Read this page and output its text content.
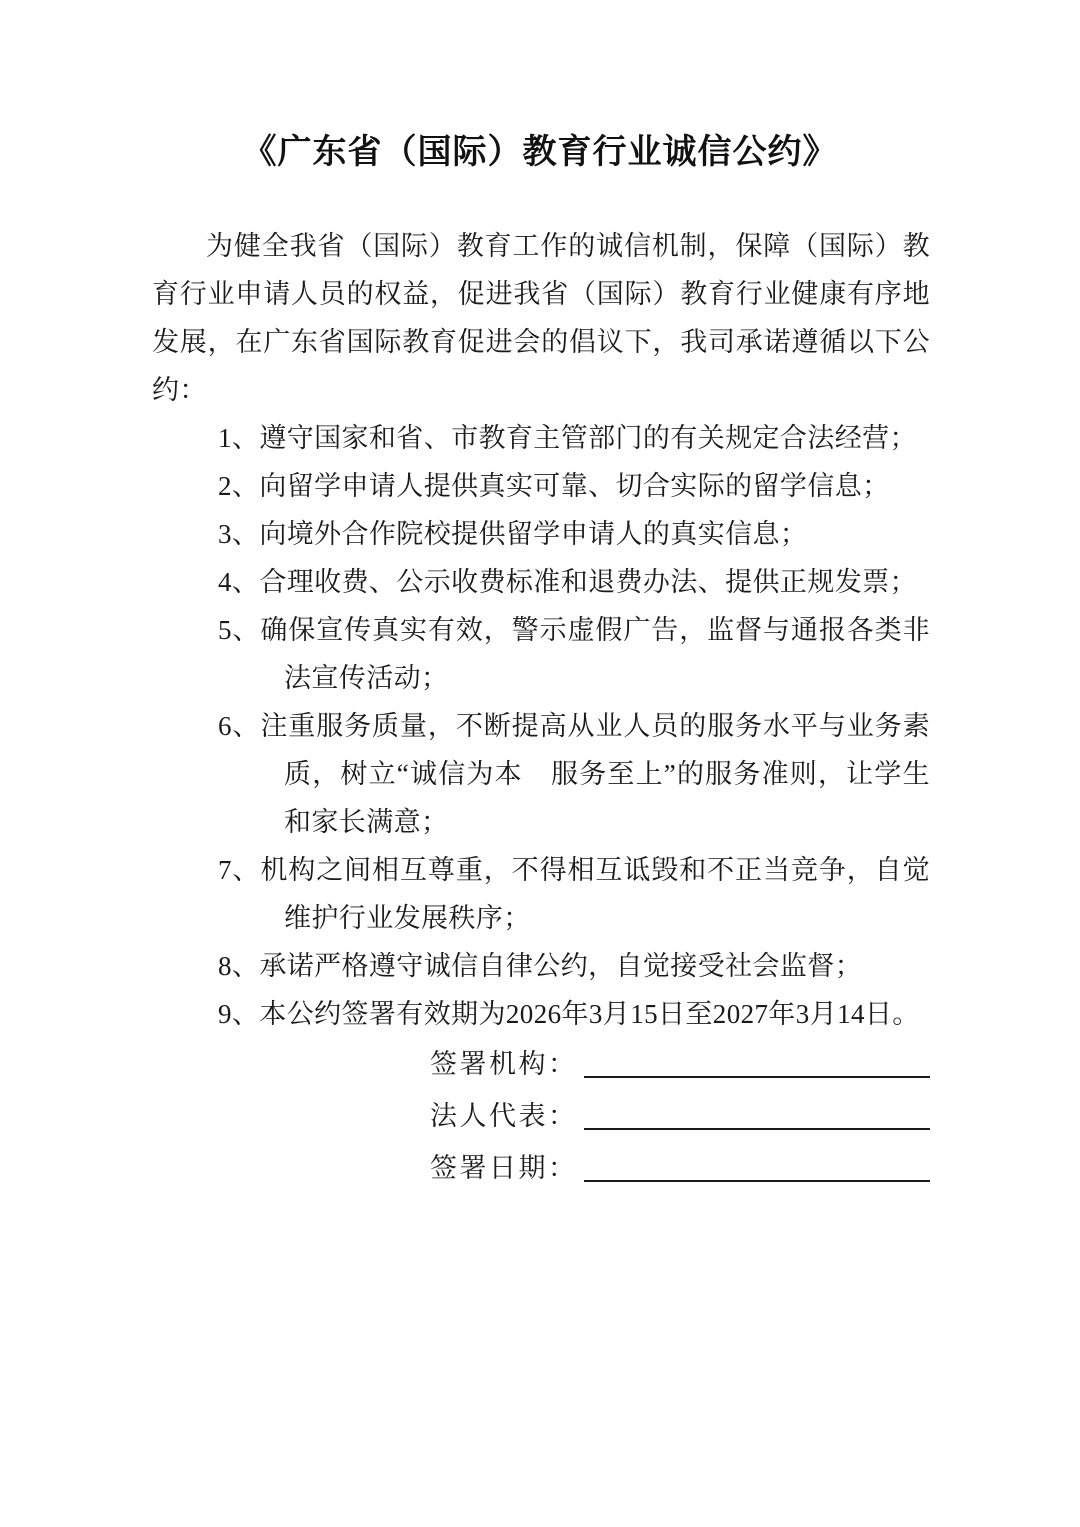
《广东省（国际）教育行业诚信公约》

为健全我省（国际）教育工作的诚信机制，保障（国际）教育行业申请人员的权益，促进我省（国际）教育行业健康有序地发展，在广东省国际教育促进会的倡议下，我司承诺遵循以下公约：

1、遵守国家和省、市教育主管部门的有关规定合法经营；

2、向留学申请人提供真实可靠、切合实际的留学信息；

3、向境外合作院校提供留学申请人的真实信息；

4、合理收费、公示收费标准和退费办法、提供正规发票；

5、确保宣传真实有效，警示虚假广告，监督与通报各类非法宣传活动；

6、注重服务质量，不断提高从业人员的服务水平与业务素质，树立“诚信为本　服务至上”的服务准则，让学生和家长满意；

7、机构之间相互尊重，不得相互诋毁和不正当竞争，自觉维护行业发展秩序；

8、承诺严格遵守诚信自律公约，自觉接受社会监督；

9、本公约签署有效期为2026年3月15日至2027年3月14日。

签署机构：
法人代表：
签署日期：
